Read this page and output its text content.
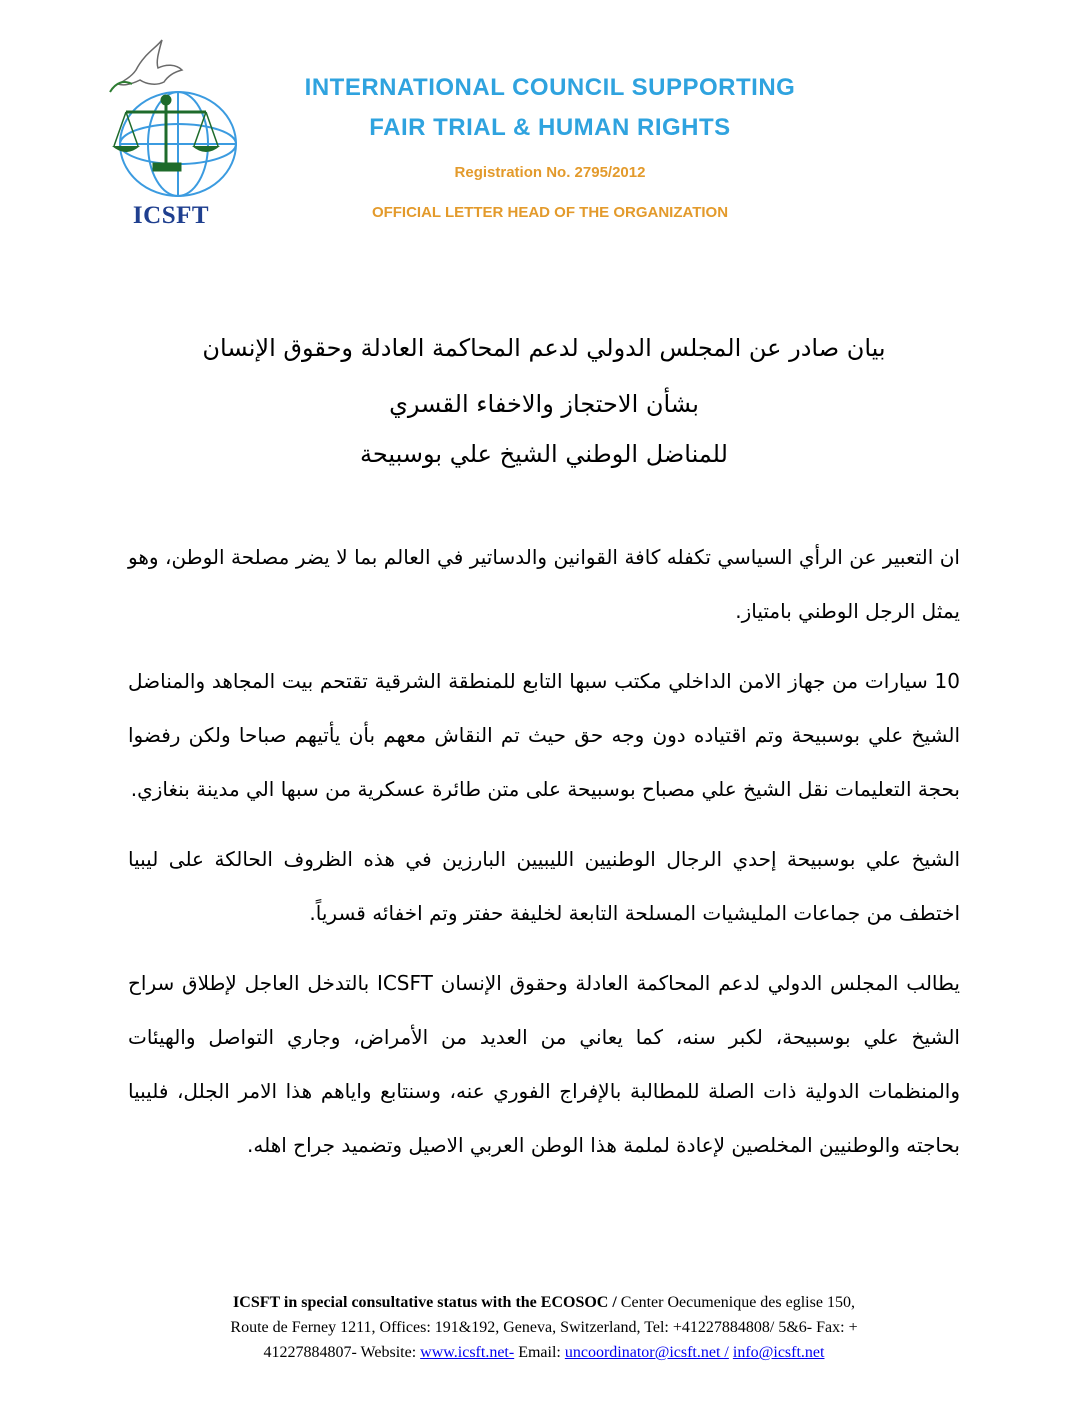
ICSFT
INTERNATIONAL COUNCIL SUPPORTING
FAIR TRIAL & HUMAN RIGHTS
Registration No. 2795/2012
OFFICIAL LETTER HEAD OF THE ORGANIZATION
بيان صادر عن المجلس الدولي لدعم المحاكمة العادلة وحقوق الإنسان
بشأن الاحتجاز والاخفاء القسري
للمناضل الوطني الشيخ علي بوسبيحة

ان التعبير عن الرأي السياسي تكفله كافة القوانين والدساتير في العالم بما لا يضر مصلحة الوطن، وهو يمثل الرجل الوطني بامتياز.

10 سيارات من جهاز الامن الداخلي مكتب سبها التابع للمنطقة الشرقية تقتحم بيت المجاهد والمناضل الشيخ علي بوسبيحة وتم اقتياده دون وجه حق حيث تم النقاش معهم بأن يأتيهم صباحا ولكن رفضوا بحجة التعليمات نقل الشيخ علي مصباح بوسبيحة على متن طائرة عسكرية من سبها الي مدينة بنغازي.

الشيخ علي بوسبيحة إحدي الرجال الوطنيين الليبيين البارزين في هذه الظروف الحالكة على ليبيا اختطف من جماعات المليشيات المسلحة التابعة لخليفة حفتر وتم اخفائه قسرياً.

يطالب المجلس الدولي لدعم المحاكمة العادلة وحقوق الإنسان ICSFT بالتدخل العاجل لإطلاق سراح الشيخ علي بوسبيحة، لكبر سنه، كما يعاني من العديد من الأمراض، وجاري التواصل والهيئات والمنظمات الدولية ذات الصلة للمطالبة بالإفراج الفوري عنه، وسنتابع واياهم هذا الامر الجلل، فليبيا بحاجته والوطنيين المخلصين لإعادة لملمة هذا الوطن العربي الاصيل وتضميد جراح اهله.

ICSFT in special consultative status with the ECOSOC / Center Oecumenique des eglise 150,
Route de Ferney 1211, Offices: 191&192, Geneva, Switzerland, Tel: +41227884808/ 5&6- Fax: +
41227884807- Website: www.icsft.net- Email: uncoordinator@icsft.net / info@icsft.net
